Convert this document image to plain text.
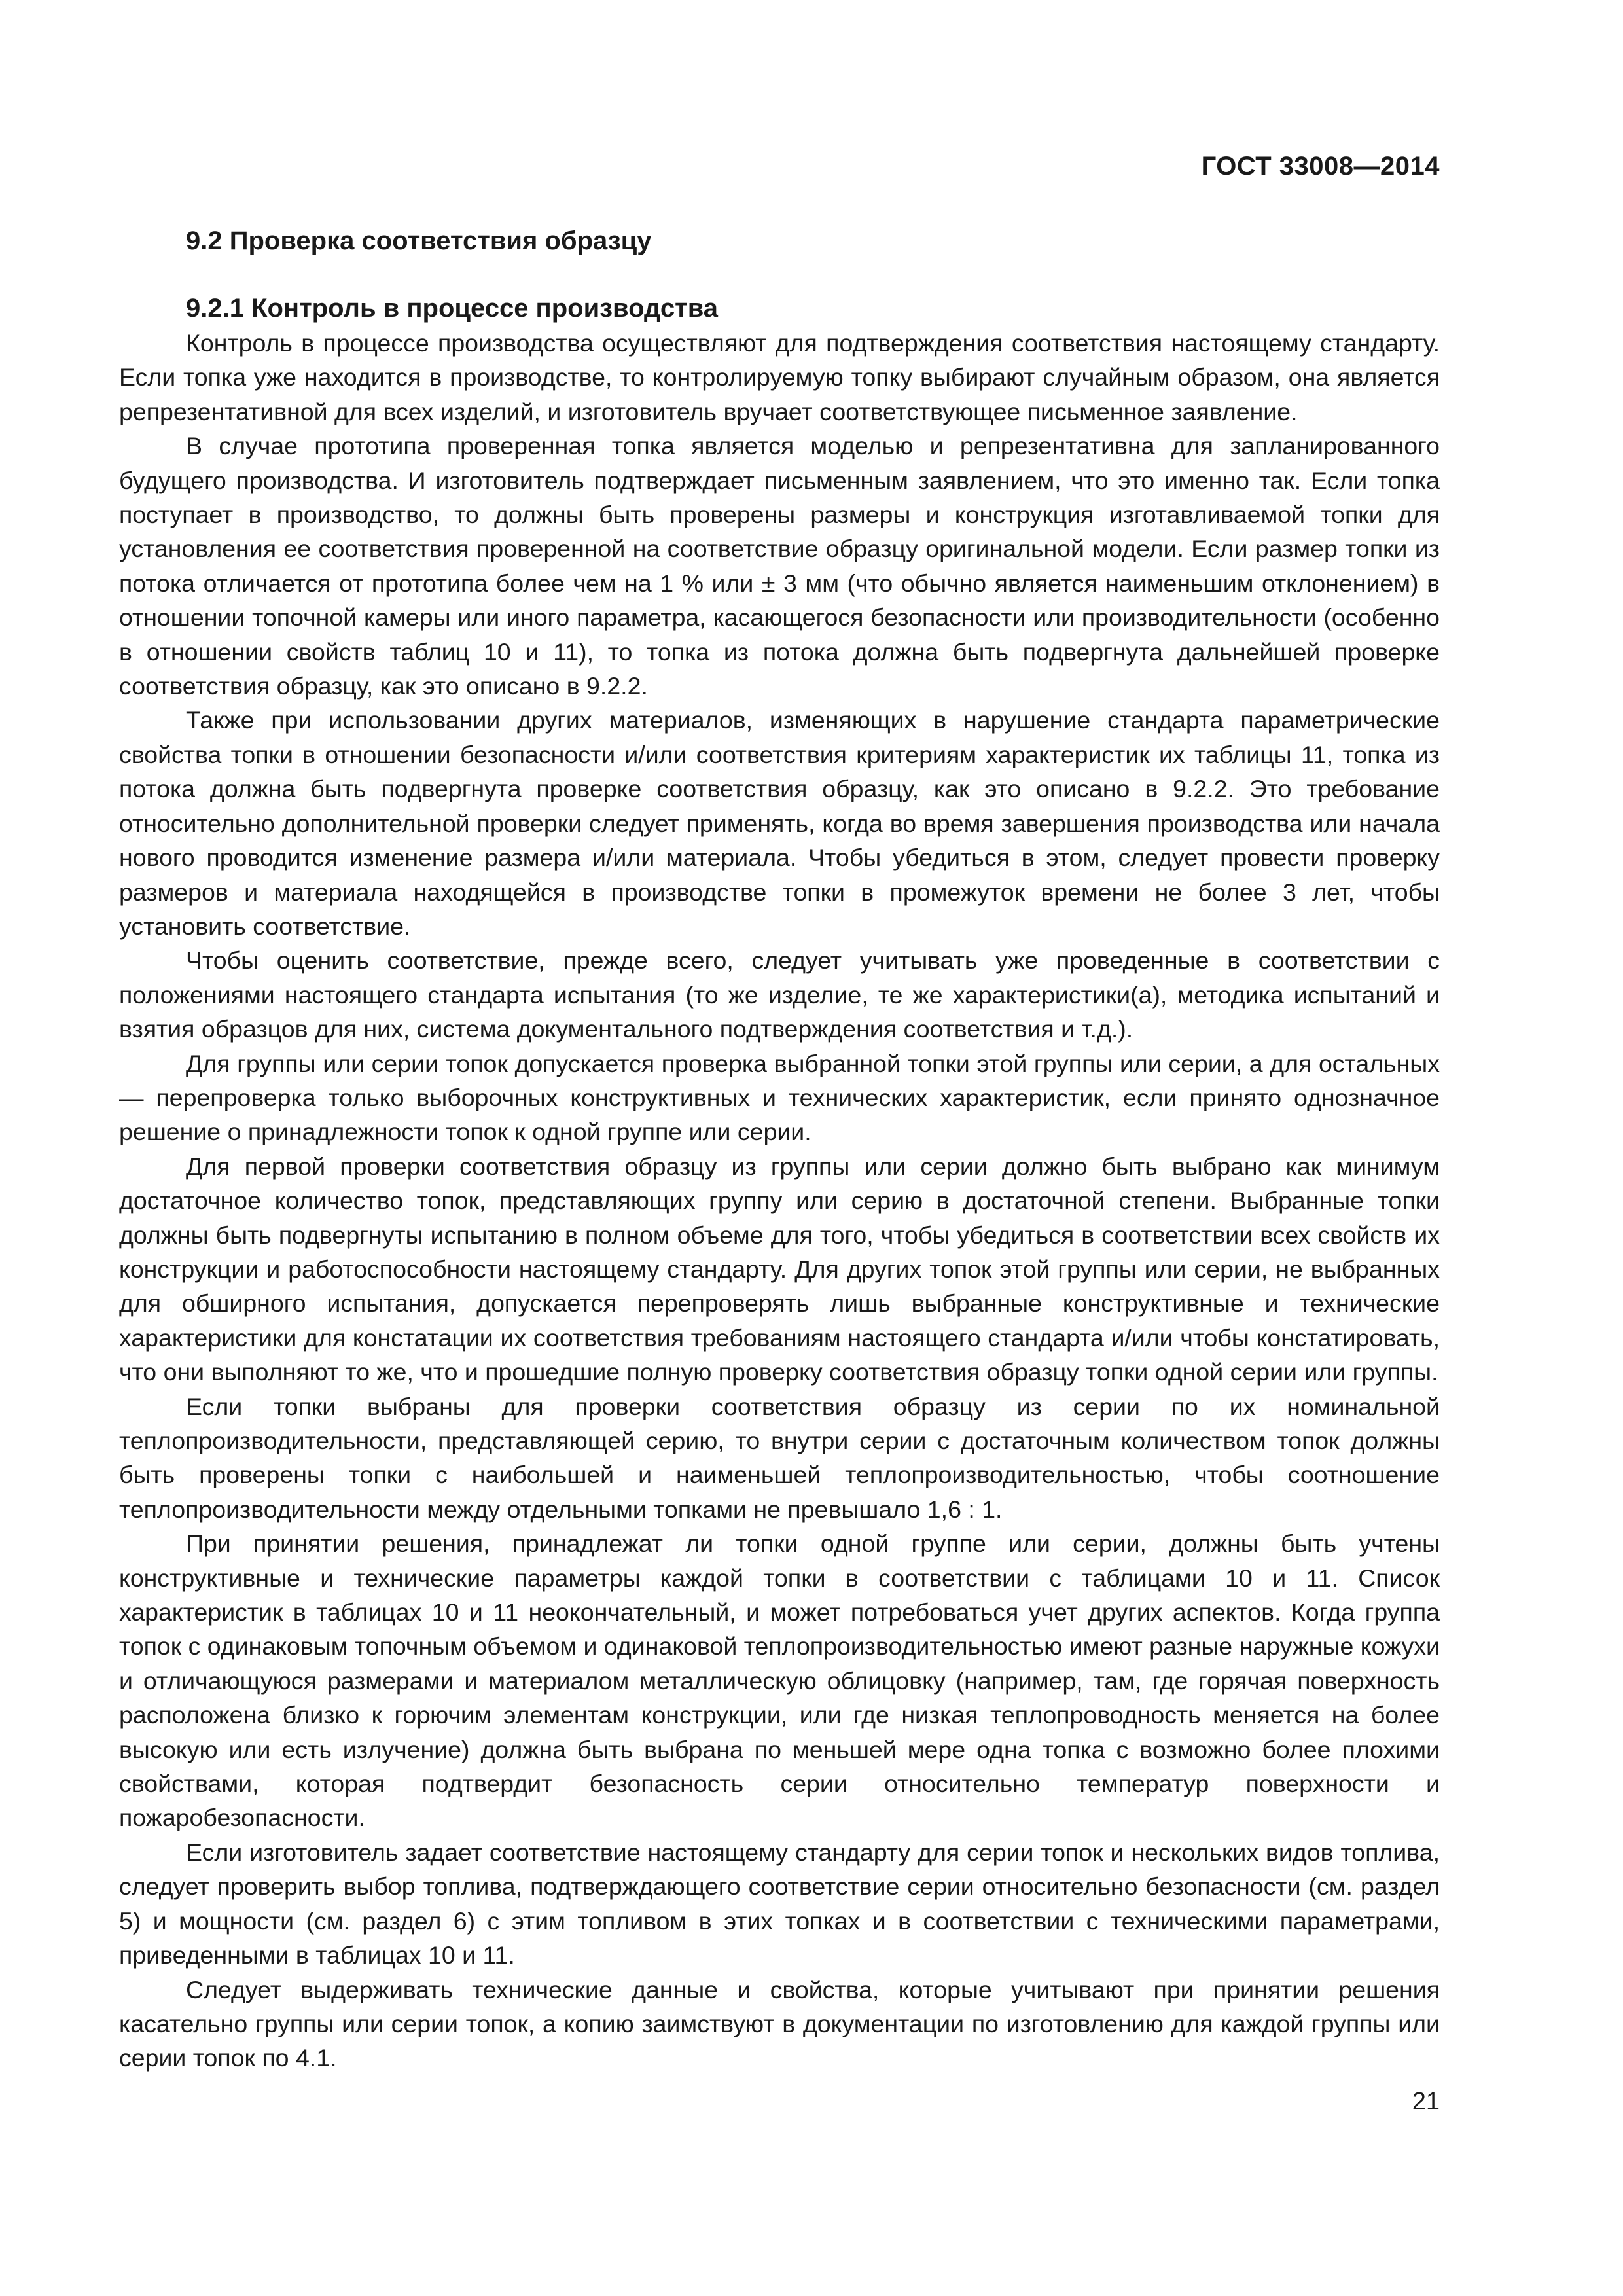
ГОСТ 33008—2014
9.2 Проверка соответствия образцу
9.2.1 Контроль в процессе производства

Контроль в процессе производства осуществляют для подтверждения соответствия настоящему стандарту. Если топка уже находится в производстве, то контролируемую топку выбирают случайным образом, она является репрезентативной для всех изделий, и изготовитель вручает соответствующее письменное заявление.

В случае прототипа проверенная топка является моделью и репрезентативна для запланированного будущего производства. И изготовитель подтверждает письменным заявлением, что это именно так. Если топка поступает в производство, то должны быть проверены размеры и конструкция изготавливаемой топки для установления ее соответствия проверенной на соответствие образцу оригинальной модели. Если размер топки из потока отличается от прототипа более чем на 1 % или ± 3 мм (что обычно является наименьшим отклонением) в отношении топочной камеры или иного параметра, касающегося безопасности или производительности (особенно в отношении свойств таблиц 10 и 11), то топка из потока должна быть подвергнута дальнейшей проверке соответствия образцу, как это описано в 9.2.2.

Также при использовании других материалов, изменяющих в нарушение стандарта параметрические свойства топки в отношении безопасности и/или соответствия критериям характеристик их таблицы 11, топка из потока должна быть подвергнута проверке соответствия образцу, как это описано в 9.2.2. Это требование относительно дополнительной проверки следует применять, когда во время завершения производства или начала нового проводится изменение размера и/или материала. Чтобы убедиться в этом, следует провести проверку размеров и материала находящейся в производстве топки в промежуток времени не более 3 лет, чтобы установить соответствие.

Чтобы оценить соответствие, прежде всего, следует учитывать уже проведенные в соответствии с положениями настоящего стандарта испытания (то же изделие, те же характеристики(а), методика испытаний и взятия образцов для них, система документального подтверждения соответствия и т.д.).

Для группы или серии топок допускается проверка выбранной топки этой группы или серии, а для остальных — перепроверка только выборочных конструктивных и технических характеристик, если принято однозначное решение о принадлежности топок к одной группе или серии.

Для первой проверки соответствия образцу из группы или серии должно быть выбрано как минимум достаточное количество топок, представляющих группу или серию в достаточной степени. Выбранные топки должны быть подвергнуты испытанию в полном объеме для того, чтобы убедиться в соответствии всех свойств их конструкции и работоспособности настоящему стандарту. Для других топок этой группы или серии, не выбранных для обширного испытания, допускается перепроверять лишь выбранные конструктивные и технические характеристики для констатации их соответствия требованиям настоящего стандарта и/или чтобы констатировать, что они выполняют то же, что и прошедшие полную проверку соответствия образцу топки одной серии или группы.

Если топки выбраны для проверки соответствия образцу из серии по их номинальной теплопроизводительности, представляющей серию, то внутри серии с достаточным количеством топок должны быть проверены топки с наибольшей и наименьшей теплопроизводительностью, чтобы соотношение теплопроизводительности между отдельными топками не превышало 1,6 : 1.

При принятии решения, принадлежат ли топки одной группе или серии, должны быть учтены конструктивные и технические параметры каждой топки в соответствии с таблицами 10 и 11. Список характеристик в таблицах 10 и 11 неокончательный, и может потребоваться учет других аспектов. Когда группа топок с одинаковым топочным объемом и одинаковой теплопроизводительностью имеют разные наружные кожухи и отличающуюся размерами и материалом металлическую облицовку (например, там, где горячая поверхность расположена близко к горючим элементам конструкции, или где низкая теплопроводность меняется на более высокую или есть излучение) должна быть выбрана по меньшей мере одна топка с возможно более плохими свойствами, которая подтвердит безопасность серии относительно температур поверхности и пожаробезопасности.

Если изготовитель задает соответствие настоящему стандарту для серии топок и нескольких видов топлива, следует проверить выбор топлива, подтверждающего соответствие серии относительно безопасности (см. раздел 5) и мощности (см. раздел 6) с этим топливом в этих топках и в соответствии с техническими параметрами, приведенными в таблицах 10 и 11.

Следует выдерживать технические данные и свойства, которые учитывают при принятии решения касательно группы или серии топок, а копию заимствуют в документации по изготовлению для каждой группы или серии топок по 4.1.

21
